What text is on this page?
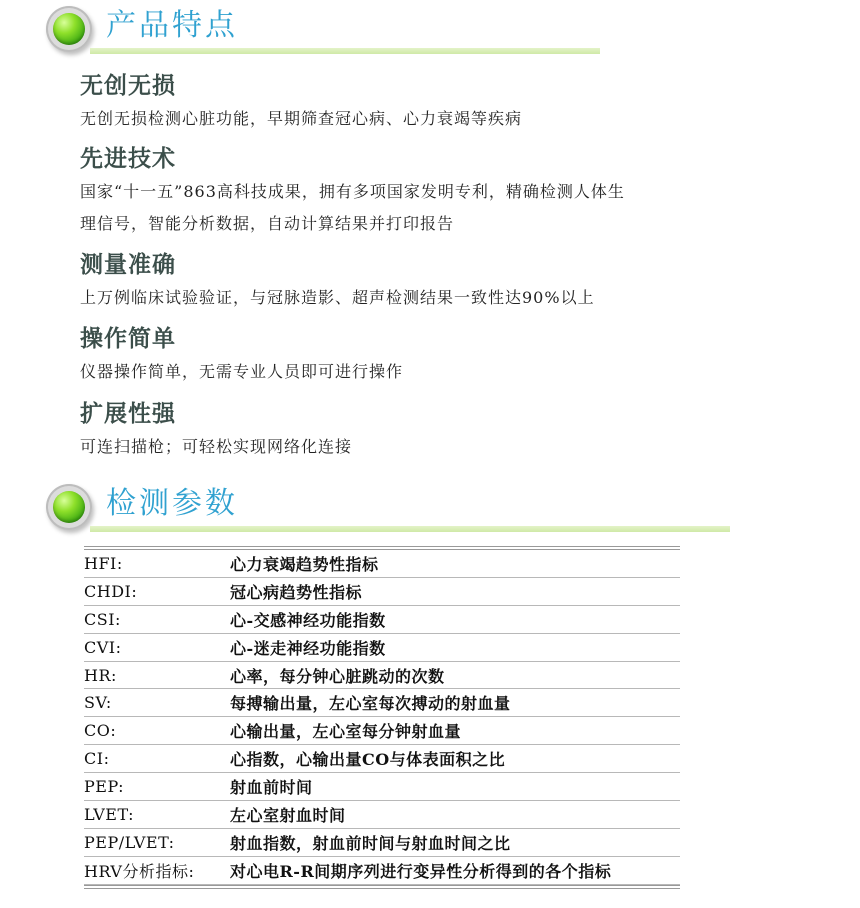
产品特点
无创无损
无创无损检测心脏功能，早期筛查冠心病、心力衰竭等疾病
先进技术
国家“十一五”863高科技成果，拥有多项国家发明专利，精确检测人体生
理信号，智能分析数据，自动计算结果并打印报告
测量准确
上万例临床试验验证，与冠脉造影、超声检测结果一致性达90%以上
操作简单
仪器操作简单，无需专业人员即可进行操作
扩展性强
可连扫描枪；可轻松实现网络化连接
检测参数
HFI:	心力衰竭趋势性指标
CHDI:	冠心病趋势性指标
CSI:	心-交感神经功能指数
CVI:	心-迷走神经功能指数
HR:	心率，每分钟心脏跳动的次数
SV:	每搏输出量，左心室每次搏动的射血量
CO:	心输出量，左心室每分钟射血量
CI:	心指数，心输出量CO与体表面积之比
PEP:	射血前时间
LVET:	左心室射血时间
PEP/LVET:	射血指数，射血前时间与射血时间之比
HRV分析指标:	对心电R-R间期序列进行变异性分析得到的各个指标
